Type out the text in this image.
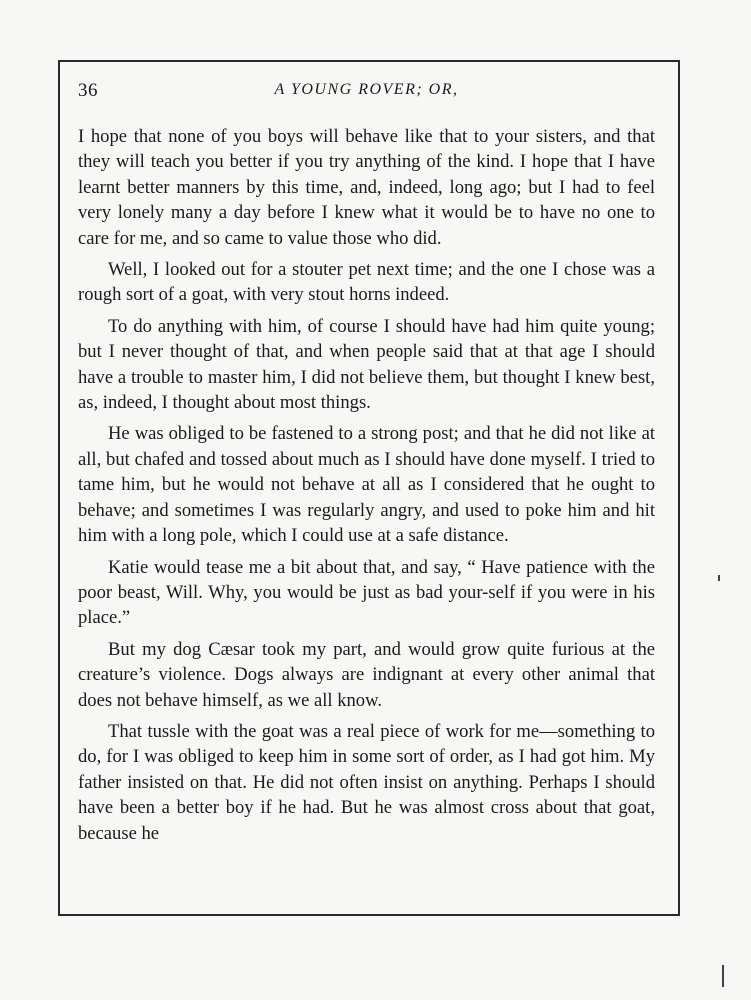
36	A YOUNG ROVER; OR,

I hope that none of you boys will behave like that to your sisters, and that they will teach you better if you try anything of the kind. I hope that I have learnt better manners by this time, and, indeed, long ago; but I had to feel very lonely many a day before I knew what it would be to have no one to care for me, and so came to value those who did.

Well, I looked out for a stouter pet next time; and the one I chose was a rough sort of a goat, with very stout horns indeed.

To do anything with him, of course I should have had him quite young; but I never thought of that, and when people said that at that age I should have a trouble to master him, I did not believe them, but thought I knew best, as, indeed, I thought about most things.

He was obliged to be fastened to a strong post; and that he did not like at all, but chafed and tossed about much as I should have done myself. I tried to tame him, but he would not behave at all as I considered that he ought to behave; and sometimes I was regularly angry, and used to poke him and hit him with a long pole, which I could use at a safe distance.

Katie would tease me a bit about that, and say, “ Have patience with the poor beast, Will. Why, you would be just as bad your-self if you were in his place.”

But my dog Cæsar took my part, and would grow quite furious at the creature’s violence. Dogs always are indignant at every other animal that does not behave himself, as we all know.

That tussle with the goat was a real piece of work for me—something to do, for I was obliged to keep him in some sort of order, as I had got him. My father insisted on that. He did not often insist on anything. Perhaps I should have been a better boy if he had. But he was almost cross about that goat, because he
